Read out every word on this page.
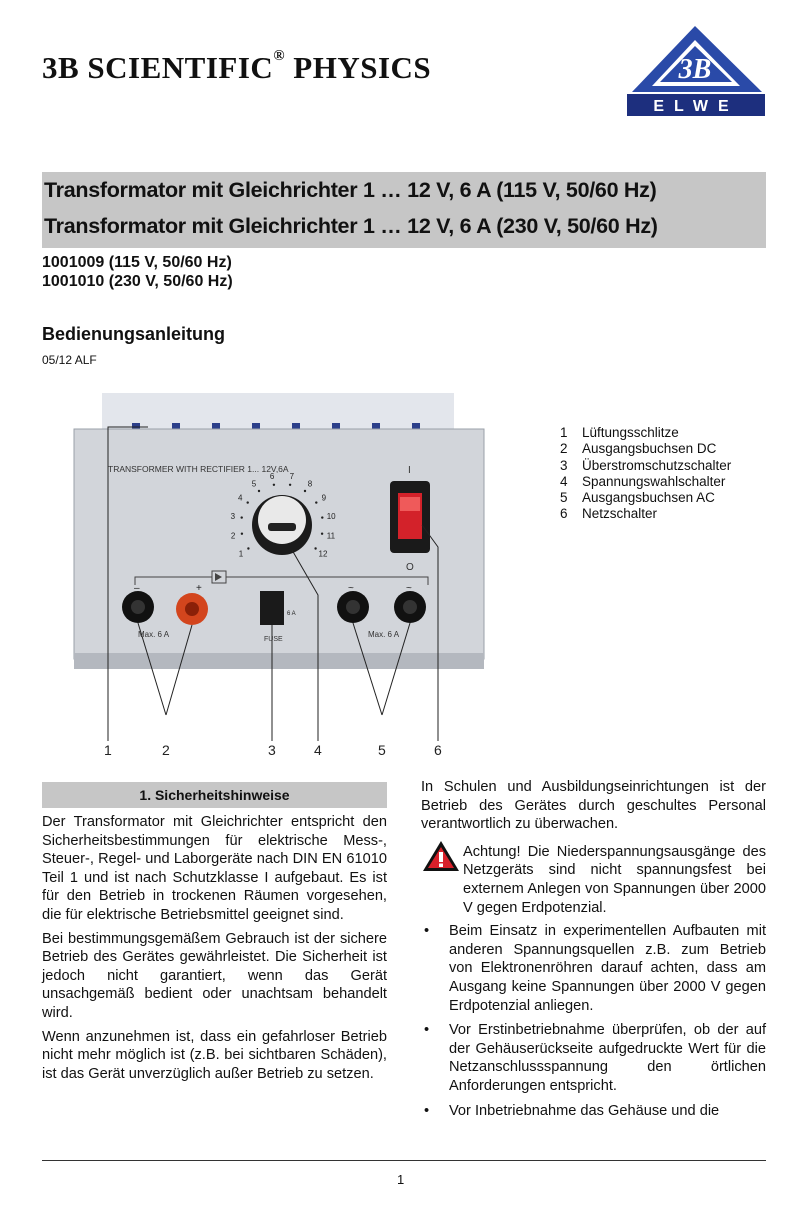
3B SCIENTIFIC® PHYSICS	3B
ELWE
Transformator mit Gleichrichter 1 … 12 V, 6 A (115 V, 50/60 Hz)
Transformator mit Gleichrichter 1 … 12 V, 6 A (230 V, 50/60 Hz)
1001009 (115 V, 50/60 Hz)
1001010 (230 V, 50/60 Hz)
Bedienungsanleitung
05/12 ALF
TRANSFORMER WITH RECTIFIER 1... 12V,6A
1
2
3
4
5
6 7
8
9
10
11
12
I
O
–	+
Max. 6 A
6 A
FUSE
~	~
Max. 6 A
1	2	3	4	5	6
1	Lüftungsschlitze
2	Ausgangsbuchsen DC
3	Überstromschutzschalter
4	Spannungswahlschalter
5	Ausgangsbuchsen AC
6	Netzschalter
1. Sicherheitshinweise

Der Transformator mit Gleichrichter entspricht den Sicherheitsbestimmungen für elektrische Mess-, Steuer-, Regel- und Laborgeräte nach DIN EN 61010 Teil 1 und ist nach Schutzklasse I aufgebaut. Es ist für den Betrieb in trockenen Räumen vorgesehen, die für elektrische Betriebsmittel geeignet sind.

Bei bestimmungsgemäßem Gebrauch ist der sichere Betrieb des Gerätes gewährleistet. Die Sicherheit ist jedoch nicht garantiert, wenn das Gerät unsachgemäß bedient oder unachtsam behandelt wird.

Wenn anzunehmen ist, dass ein gefahrloser Betrieb nicht mehr möglich ist (z.B. bei sichtbaren Schäden), ist das Gerät unverzüglich außer Betrieb zu setzen.

In Schulen und Ausbildungseinrichtungen ist der Betrieb des Gerätes durch geschultes Personal verantwortlich zu überwachen.

Achtung! Die Niederspannungsausgänge des Netzgeräts sind nicht spannungsfest bei externem Anlegen von Spannungen über 2000 V gegen Erdpotenzial.

• Beim Einsatz in experimentellen Aufbauten mit anderen Spannungsquellen z.B. zum Betrieb von Elektronenröhren darauf achten, dass am Ausgang keine Spannungen über 2000 V gegen Erdpotenzial anliegen.
• Vor Erstinbetriebnahme überprüfen, ob der auf der Gehäuserückseite aufgedruckte Wert für die Netzanschlussspannung den örtlichen Anforderungen entspricht.
• Vor Inbetriebnahme das Gehäuse und die
1
